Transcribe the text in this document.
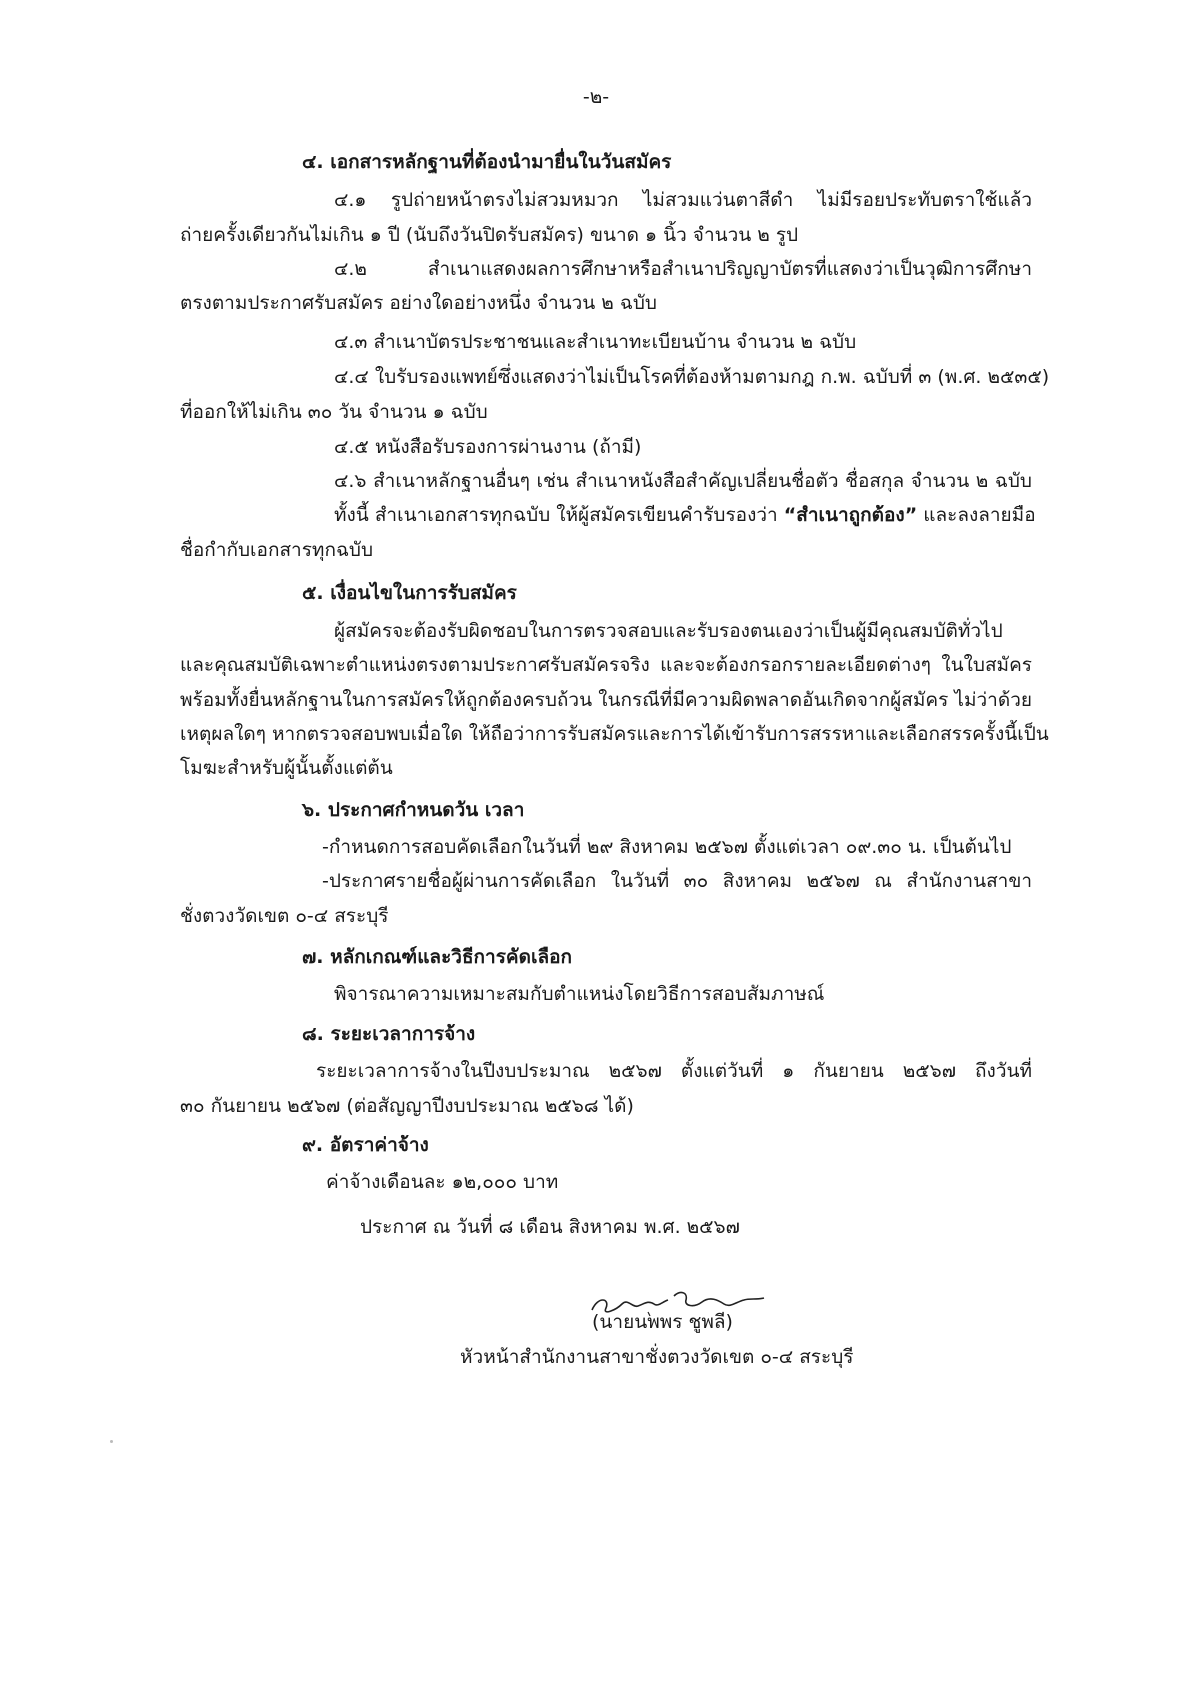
-๒-
๔. เอกสารหลักฐานที่ต้องนำมายื่นในวันสมัคร
๔.๑ รูปถ่ายหน้าตรงไม่สวมหมวก ไม่สวมแว่นตาสีดำ ไม่มีรอยประทับตราใช้แล้ว
ถ่ายครั้งเดียวกันไม่เกิน ๑ ปี (นับถึงวันปิดรับสมัคร) ขนาด ๑ นิ้ว จำนวน ๒ รูป
๔.๒ สำเนาแสดงผลการศึกษาหรือสำเนาปริญญาบัตรที่แสดงว่าเป็นวุฒิการศึกษา
ตรงตามประกาศรับสมัคร อย่างใดอย่างหนึ่ง จำนวน ๒ ฉบับ
๔.๓ สำเนาบัตรประชาชนและสำเนาทะเบียนบ้าน จำนวน ๒ ฉบับ
๔.๔ ใบรับรองแพทย์ซึ่งแสดงว่าไม่เป็นโรคที่ต้องห้ามตามกฎ ก.พ. ฉบับที่ ๓ (พ.ศ. ๒๕๓๕)
ที่ออกให้ไม่เกิน ๓๐ วัน จำนวน ๑ ฉบับ
๔.๕ หนังสือรับรองการผ่านงาน (ถ้ามี)
๔.๖ สำเนาหลักฐานอื่นๆ เช่น สำเนาหนังสือสำคัญเปลี่ยนชื่อตัว ชื่อสกุล จำนวน ๒ ฉบับ
ทั้งนี้ สำเนาเอกสารทุกฉบับ ให้ผู้สมัครเขียนคำรับรองว่า “สำเนาถูกต้อง” และลงลายมือ
ชื่อกำกับเอกสารทุกฉบับ
๕. เงื่อนไขในการรับสมัคร
ผู้สมัครจะต้องรับผิดชอบในการตรวจสอบและรับรองตนเองว่าเป็นผู้มีคุณสมบัติทั่วไป
และคุณสมบัติเฉพาะตำแหน่งตรงตามประกาศรับสมัครจริง และจะต้องกรอกรายละเอียดต่างๆ ในใบสมัคร
พร้อมทั้งยื่นหลักฐานในการสมัครให้ถูกต้องครบถ้วน ในกรณีที่มีความผิดพลาดอันเกิดจากผู้สมัคร ไม่ว่าด้วย
เหตุผลใดๆ หากตรวจสอบพบเมื่อใด ให้ถือว่าการรับสมัครและการได้เข้ารับการสรรหาและเลือกสรรครั้งนี้เป็น
โมฆะสำหรับผู้นั้นตั้งแต่ต้น
๖. ประกาศกำหนดวัน เวลา
-กำหนดการสอบคัดเลือกในวันที่ ๒๙ สิงหาคม ๒๕๖๗ ตั้งแต่เวลา ๐๙.๓๐ น. เป็นต้นไป
-ประกาศรายชื่อผู้ผ่านการคัดเลือก ในวันที่ ๓๐ สิงหาคม ๒๕๖๗ ณ สำนักงานสาขา
ชั่งตวงวัดเขต ๐-๔ สระบุรี
๗. หลักเกณฑ์และวิธีการคัดเลือก
พิจารณาความเหมาะสมกับตำแหน่งโดยวิธีการสอบสัมภาษณ์
๘. ระยะเวลาการจ้าง
ระยะเวลาการจ้างในปีงบประมาณ ๒๕๖๗ ตั้งแต่วันที่ ๑ กันยายน ๒๕๖๗ ถึงวันที่
๓๐ กันยายน ๒๕๖๗ (ต่อสัญญาปีงบประมาณ ๒๕๖๘ ได้)
๙. อัตราค่าจ้าง
ค่าจ้างเดือนละ ๑๒,๐๐๐ บาท
ประกาศ ณ วันที่ ๘ เดือน สิงหาคม พ.ศ. ๒๕๖๗
(นายนพพร ชูพลี)
หัวหน้าสำนักงานสาขาชั่งตวงวัดเขต ๐-๔ สระบุรี
